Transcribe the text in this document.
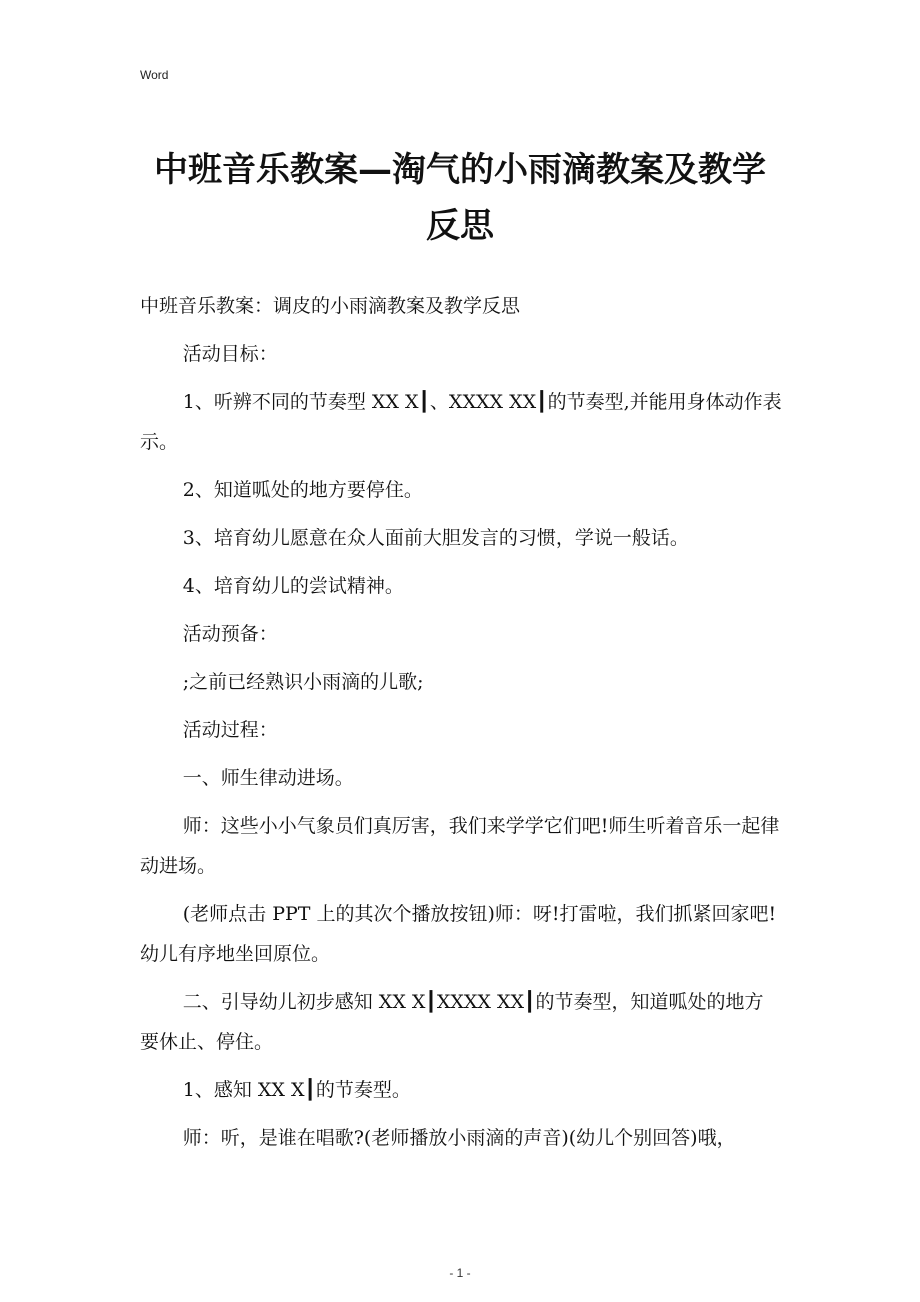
Word
中班音乐教案—淘气的小雨滴教案及教学反思

中班音乐教案：调皮的小雨滴教案及教学反思

活动目标：

1、听辨不同的节奏型 XX X┃、XXXX XX┃的节奏型,并能用身体动作表示。

2、知道呱处的地方要停住。

3、培育幼儿愿意在众人面前大胆发言的习惯，学说一般话。

4、培育幼儿的尝试精神。

活动预备：

;之前已经熟识小雨滴的儿歌;

活动过程：

一、师生律动进场。

师：这些小小气象员们真厉害，我们来学学它们吧!师生听着音乐一起律动进场。

(老师点击 PPT 上的其次个播放按钮)师：呀!打雷啦，我们抓紧回家吧!幼儿有序地坐回原位。

二、引导幼儿初步感知 XX X┃XXXX XX┃的节奏型，知道呱处的地方要休止、停住。

1、感知 XX X┃的节奏型。

师：听，是谁在唱歌?(老师播放小雨滴的声音)(幼儿个别回答)哦，

- 1 -
